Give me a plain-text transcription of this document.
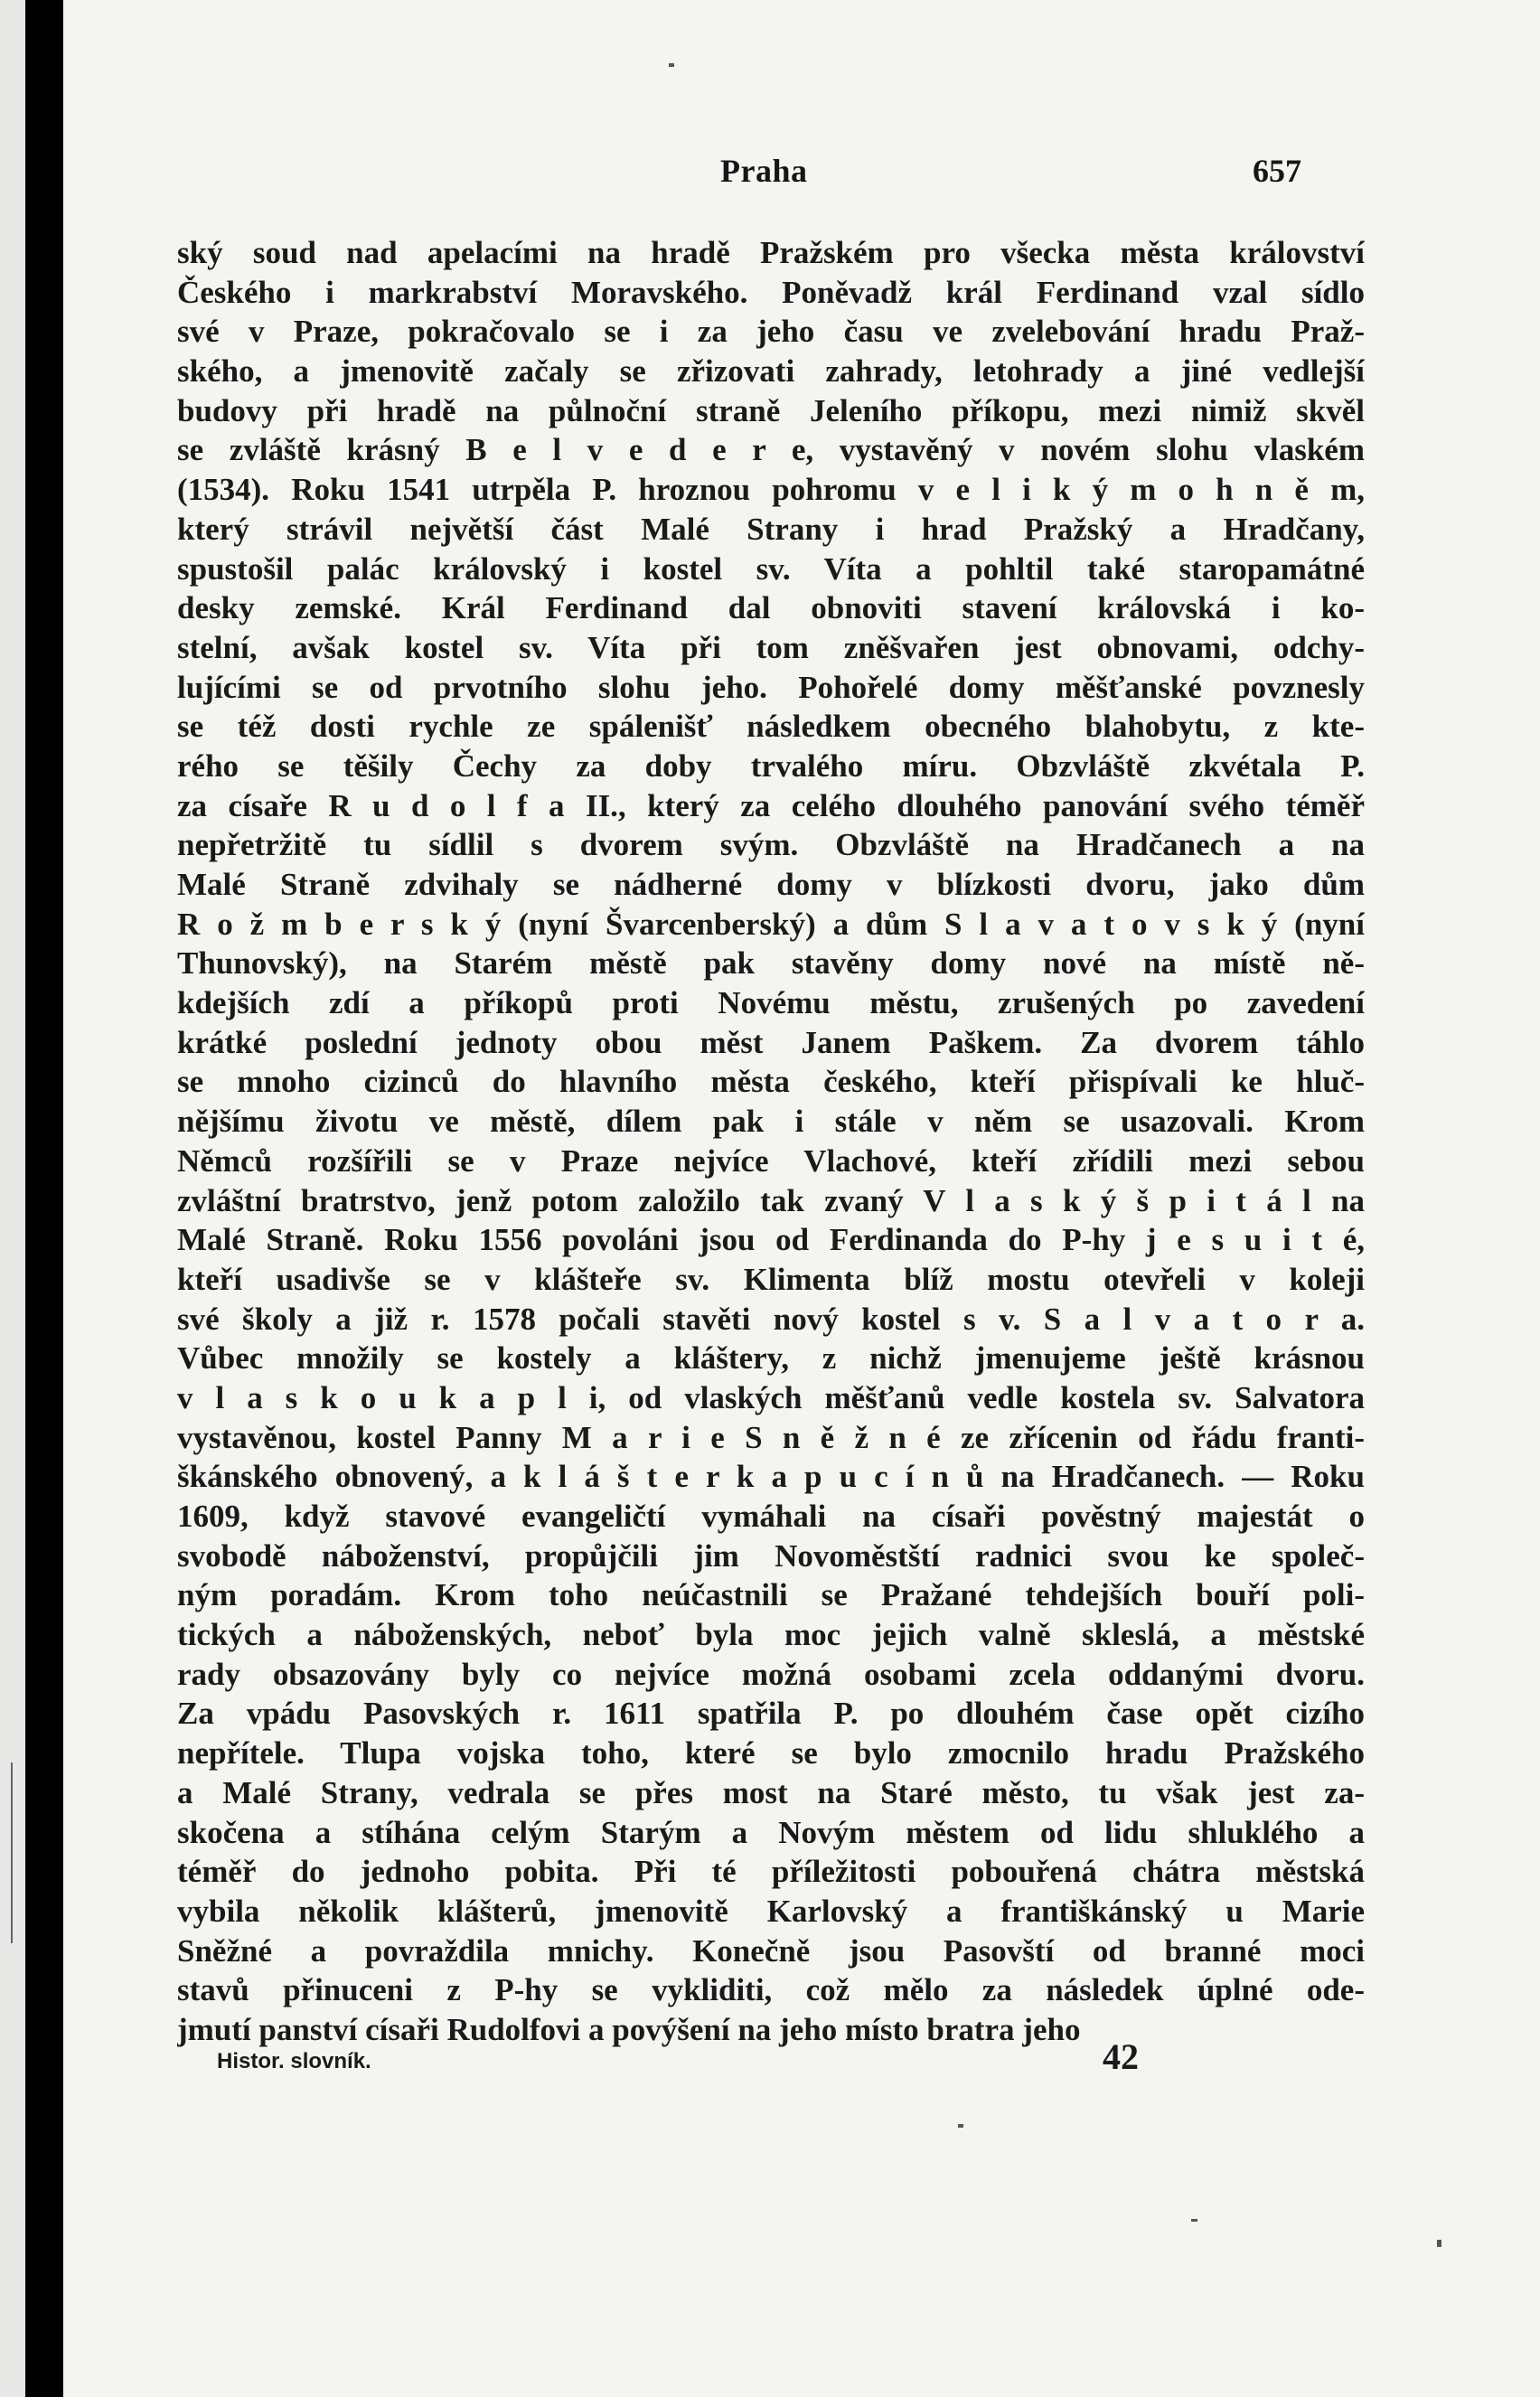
Praha	657
ský soud nad apelacími na hradě Pražském pro všecka města království
Českého i markrabství Moravského. Poněvadž král Ferdinand vzal sídlo
své v Praze, pokračovalo se i za jeho času ve zvelebování hradu Praž-
ského, a jmenovitě začaly se zřizovati zahrady, letohrady a jiné vedlejší
budovy při hradě na půlnoční straně Jeleního příkopu, mezi nimiž skvěl
se zvláště krásný B e l v e d e r e, vystavěný v novém slohu vlaském
(1534). Roku 1541 utrpěla P. hroznou pohromu v e l i k ý m o h n ě m,
který strávil největší část Malé Strany i hrad Pražský a Hradčany,
spustošil palác královský i kostel sv. Víta a pohltil také staropamátné
desky zemské. Král Ferdinand dal obnoviti stavení královská i ko-
stelní, avšak kostel sv. Víta při tom zněšvařen jest obnovami, odchy-
lujícími se od prvotního slohu jeho. Pohořelé domy měšťanské povznesly
se též dosti rychle ze spálenišť následkem obecného blahobytu, z kte-
rého se těšily Čechy za doby trvalého míru. Obzvláště zkvétala P.
za císaře R u d o l f a II., který za celého dlouhého panování svého téměř
nepřetržitě tu sídlil s dvorem svým. Obzvláště na Hradčanech a na
Malé Straně zdvihaly se nádherné domy v blízkosti dvoru, jako dům
R o ž m b e r s k ý (nyní Švarcenberský) a dům S l a v a t o v s k ý (nyní
Thunovský), na Starém městě pak stavěny domy nové na místě ně-
kdejších zdí a příkopů proti Novému městu, zrušených po zavedení
krátké poslední jednoty obou měst Janem Paškem. Za dvorem táhlo
se mnoho cizinců do hlavního města českého, kteří přispívali ke hluč-
nějšímu životu ve městě, dílem pak i stále v něm se usazovali. Krom
Němců rozšířili se v Praze nejvíce Vlachové, kteří zřídili mezi sebou
zvláštní bratrstvo, jenž potom založilo tak zvaný V l a s k ý š p i t á l na
Malé Straně. Roku 1556 povoláni jsou od Ferdinanda do P-hy j e s u i t é,
kteří usadivše se v klášteře sv. Klimenta blíž mostu otevřeli v koleji
své školy a již r. 1578 počali stavěti nový kostel s v. S a l v a t o r a.
Vůbec množily se kostely a kláštery, z nichž jmenujeme ještě krásnou
v l a s k o u k a p l i, od vlaských měšťanů vedle kostela sv. Salvatora
vystavěnou, kostel Panny M a r i e S n ě ž n é ze zřícenin od řádu franti-
škánského obnovený, a k l á š t e r k a p u c í n ů na Hradčanech. — Roku
1609, když stavové evangeličtí vymáhali na císaři pověstný majestát o
svobodě náboženství, propůjčili jim Novoměstští radnici svou ke společ-
ným poradám. Krom toho neúčastnili se Pražané tehdejších bouří poli-
tických a náboženských, neboť byla moc jejich valně skleslá, a městské
rady obsazovány byly co nejvíce možná osobami zcela oddanými dvoru.
Za vpádu Pasovských r. 1611 spatřila P. po dlouhém čase opět cizího
nepřítele. Tlupa vojska toho, které se bylo zmocnilo hradu Pražského
a Malé Strany, vedrala se přes most na Staré město, tu však jest za-
skočena a stíhána celým Starým a Novým městem od lidu shluklého a
téměř do jednoho pobita. Při té příležitosti pobouřená chátra městská
vybila několik klášterů, jmenovitě Karlovský a františkánský u Marie
Sněžné a povraždila mnichy. Konečně jsou Pasovští od branné moci
stavů přinuceni z P-hy se vykliditi, což mělo za následek úplné ode-
jmutí panství císaři Rudolfovi a povýšení na jeho místo bratra jeho
Histor. slovník.	42
